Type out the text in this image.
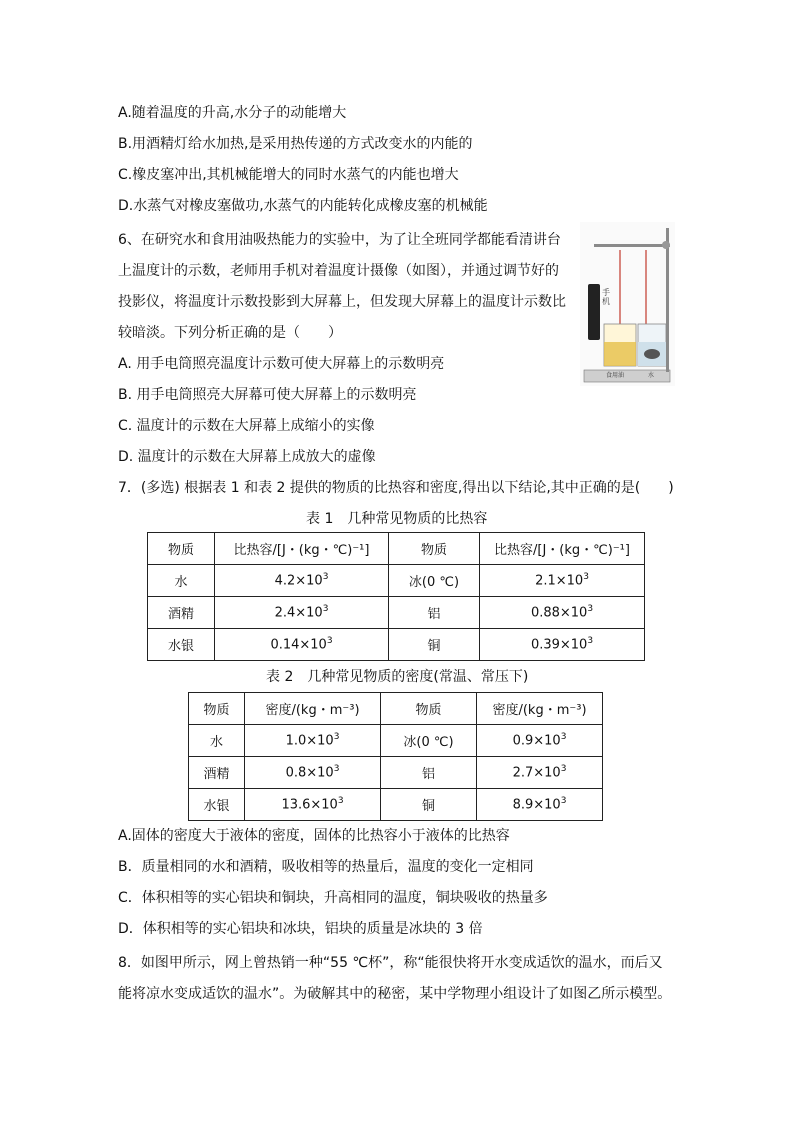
A.随着温度的升高,水分子的动能增大
B.用酒精灯给水加热,是采用热传递的方式改变水的内能的
C.橡皮塞冲出,其机械能增大的同时水蒸气的内能也增大
D.水蒸气对橡皮塞做功,水蒸气的内能转化成橡皮塞的机械能
6、在研究水和食用油吸热能力的实验中，为了让全班同学都能看清讲台
上温度计的示数，老师用手机对着温度计摄像（如图），并通过调节好的
投影仪，将温度计示数投影到大屏幕上，但发现大屏幕上的温度计示数比
较暗淡。下列分析正确的是（　　）
A. 用手电筒照亮温度计示数可使大屏幕上的示数明亮
B. 用手电筒照亮大屏幕可使大屏幕上的示数明亮
C. 温度计的示数在大屏幕上成缩小的实像
D. 温度计的示数在大屏幕上成放大的虚像
手机
食用油	水
7．(多选) 根据表 1 和表 2 提供的物质的比热容和密度,得出以下结论,其中正确的是(　　)
表 1　几种常见物质的比热容
物质	比热容/[J・(kg・℃)⁻¹]	物质	比热容/[J・(kg・℃)⁻¹]
水	$4.2\times 10^3$	冰(0 ℃)	$2.1\times 10^3$
酒精	$2.4\times 10^3$	铝	$0.88\times 10^3$
水银	$0.14\times 10^3$	铜	$0.39\times 10^3$
表 2　几种常见物质的密度(常温、常压下)
物质	密度/(kg・m⁻³)	物质	密度/(kg・m⁻³)
水	$1.0\times 10^3$	冰(0 ℃)	$0.9\times 10^3$
酒精	$0.8\times 10^3$	铝	$2.7\times 10^3$
水银	$13.6\times 10^3$	铜	$8.9\times 10^3$
A.固体的密度大于液体的密度，固体的比热容小于液体的比热容
B．质量相同的水和酒精，吸收相等的热量后，温度的变化一定相同
C．体积相等的实心铝块和铜块，升高相同的温度，铜块吸收的热量多
D．体积相等的实心铝块和冰块，铝块的质量是冰块的 3 倍
8．如图甲所示，网上曾热销一种“55 ℃杯”，称“能很快将开水变成适饮的温水，而后又
能将凉水变成适饮的温水”。为破解其中的秘密，某中学物理小组设计了如图乙所示模型。
